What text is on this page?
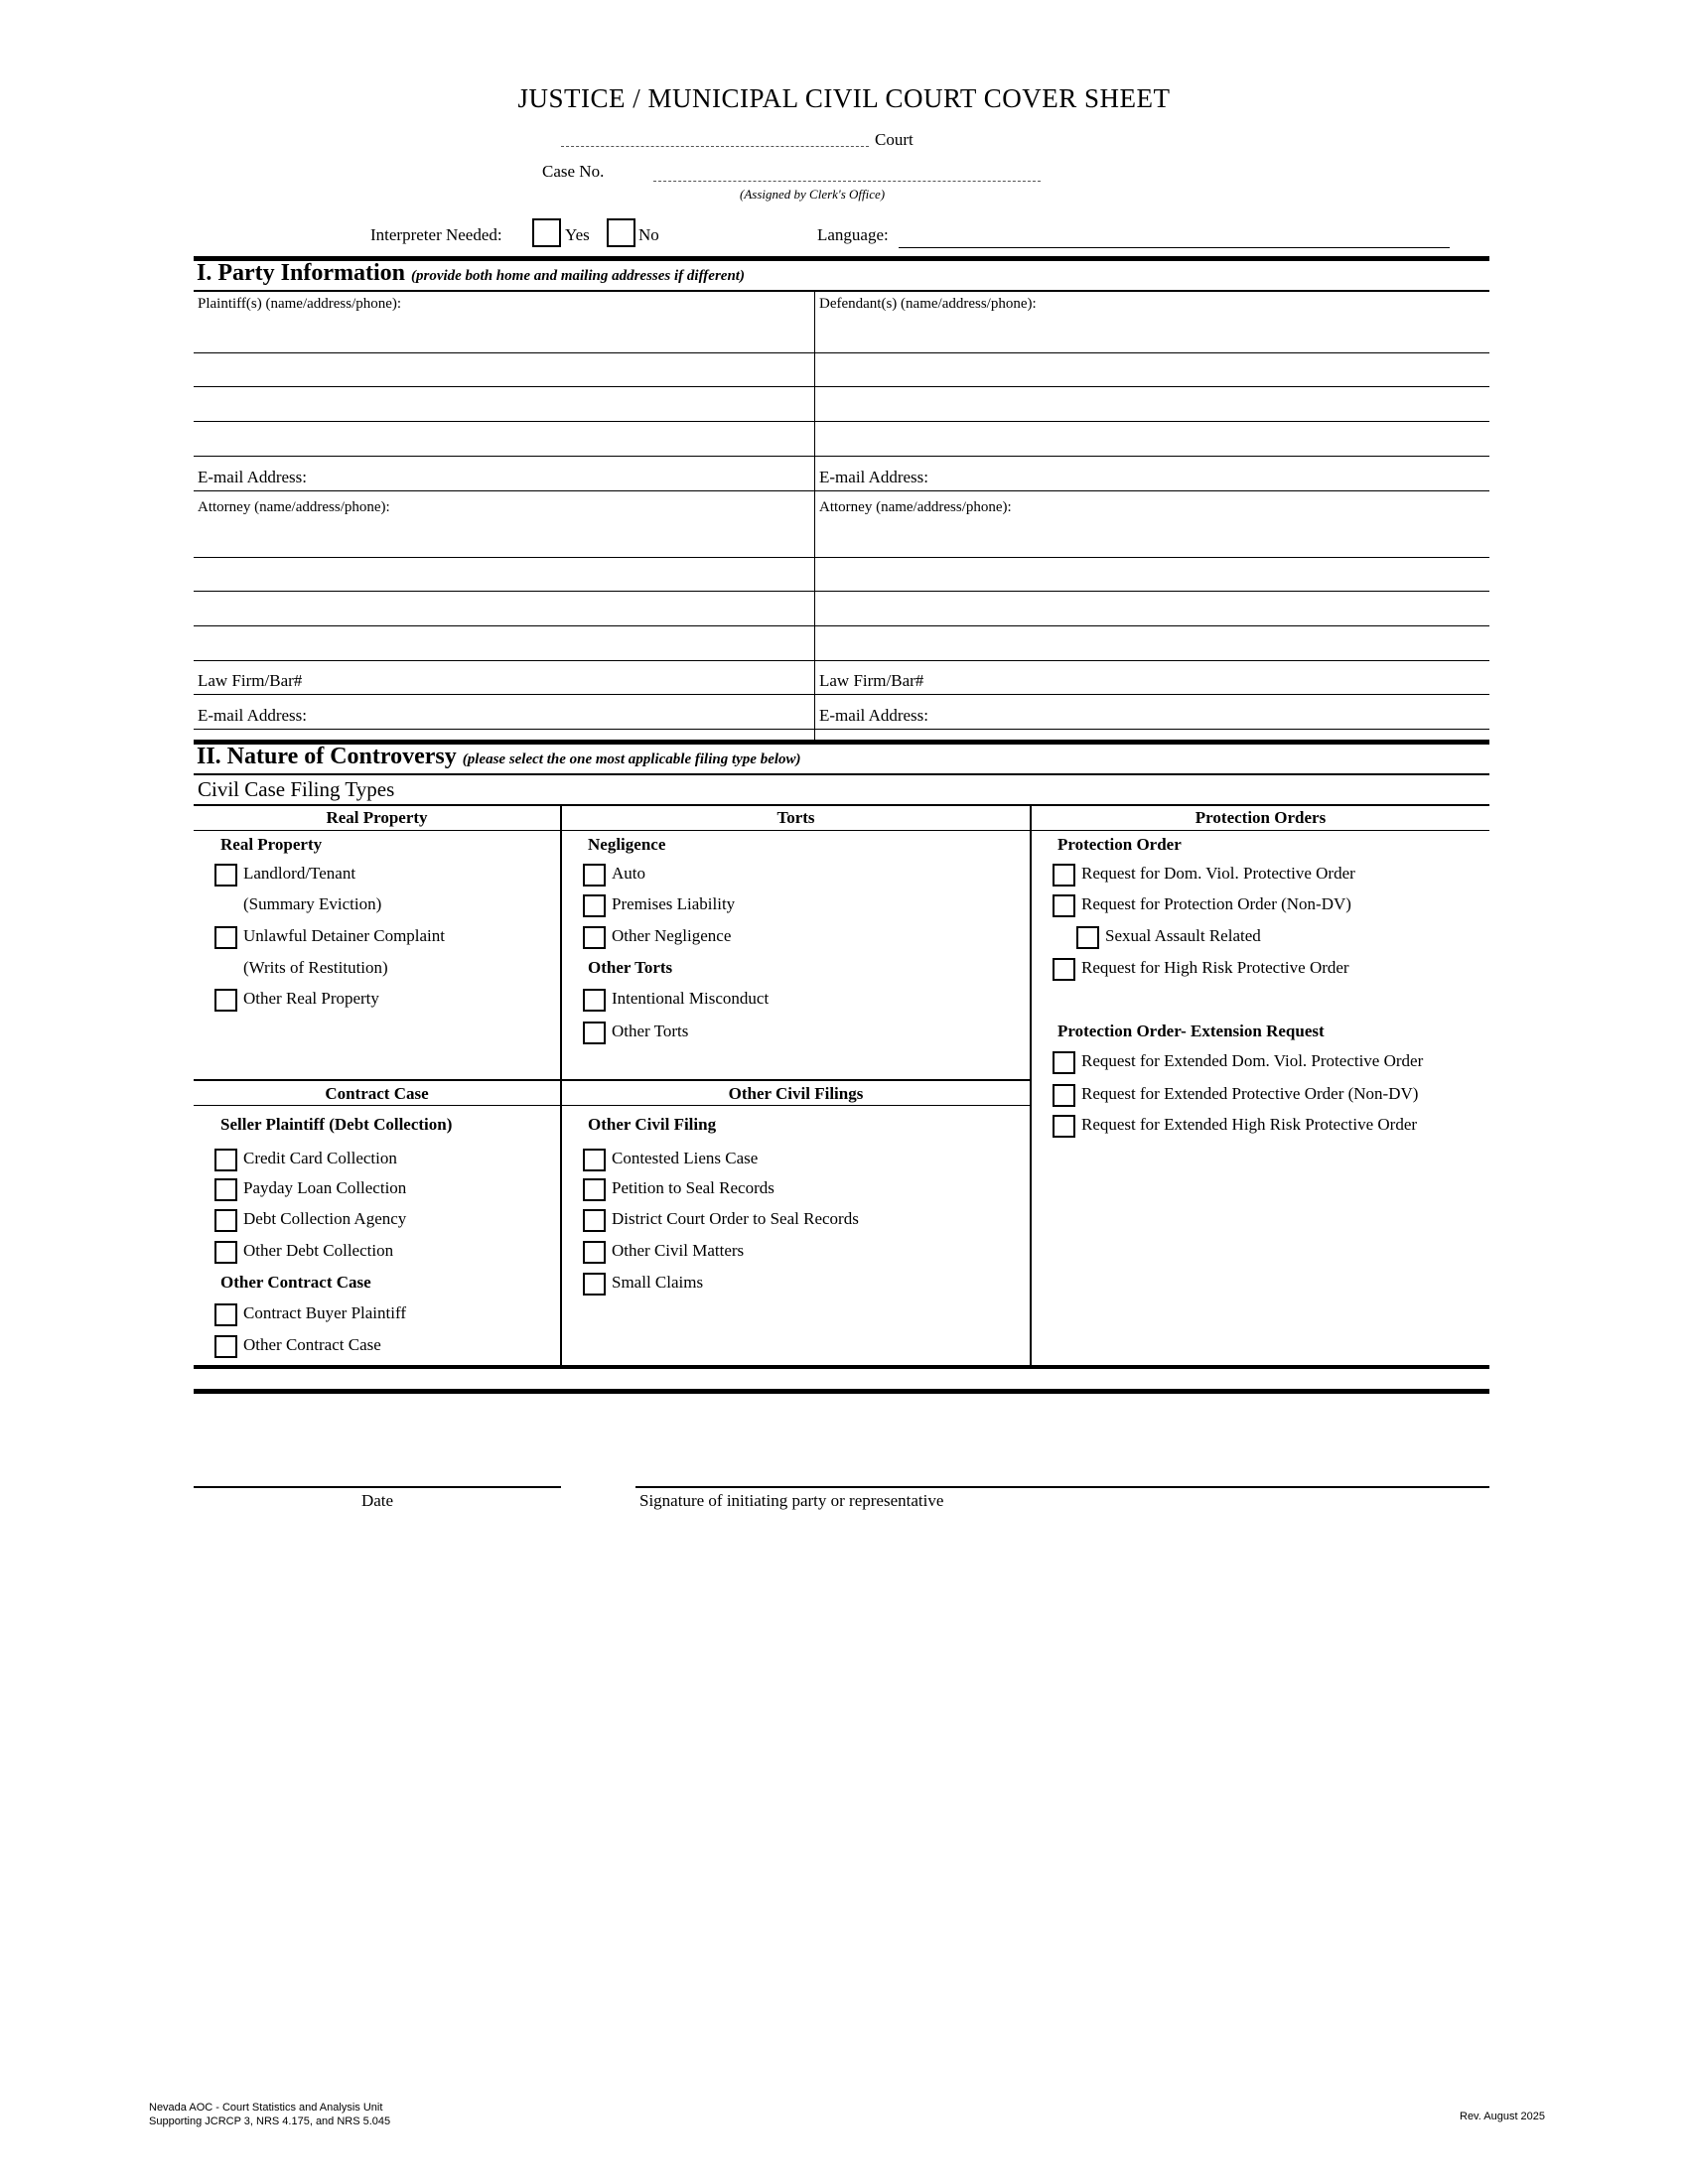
JUSTICE / MUNICIPAL CIVIL COURT COVER SHEET
Court
Case No.
(Assigned by Clerk's Office)
Interpreter Needed:	Yes	No	Language:
I. Party Information (provide both home and mailing addresses if different)
Plaintiff(s) (name/address/phone):	Defendant(s) (name/address/phone):
E-mail Address:	E-mail Address:
Attorney (name/address/phone):	Attorney (name/address/phone):
Law Firm/Bar#	Law Firm/Bar#
E-mail Address:	E-mail Address:
II. Nature of Controversy (please select the one most applicable filing type below)
Civil Case Filing Types
Real Property	Torts	Protection Orders
Contract Case	Other Civil Filings
Real Property
Landlord/Tenant
(Summary Eviction)
Unlawful Detainer Complaint
(Writs of Restitution)
Other Real Property
Negligence
Auto
Premises Liability
Other Negligence
Other Torts
Intentional Misconduct
Other Torts
Protection Order
Request for Dom. Viol. Protective Order
Request for Protection Order (Non-DV)
Sexual Assault Related
Request for High Risk Protective Order
Protection Order- Extension Request
Request for Extended Dom. Viol. Protective Order
Request for Extended Protective Order (Non-DV)
Request for Extended High Risk Protective Order
Seller Plaintiff (Debt Collection)
Credit Card Collection
Payday Loan Collection
Debt Collection Agency
Other Debt Collection
Other Contract Case
Contract Buyer Plaintiff
Other Contract Case
Other Civil Filing
Contested Liens Case
Petition to Seal Records
District Court Order to Seal Records
Other Civil Matters
Small Claims
Date	Signature of initiating party or representative
Nevada AOC - Court Statistics and Analysis Unit
Supporting JCRCP 3, NRS 4.175, and NRS 5.045	Rev. August 2025
